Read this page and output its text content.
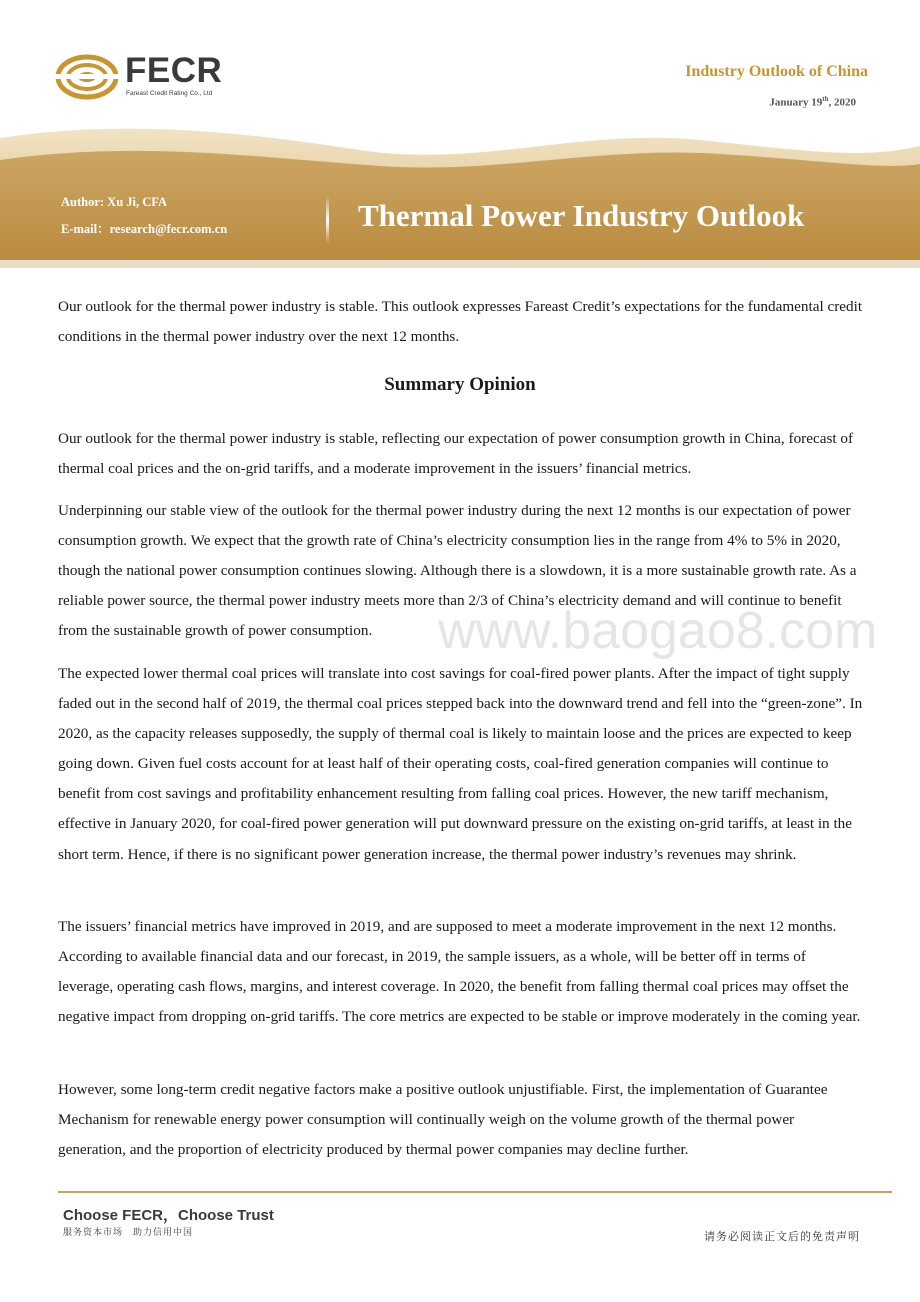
FECR
Fareast Credit Rating Co., Ltd
Industry Outlook of China
January 19th, 2020
Author: Xu Ji, CFA
E-mail：research@fecr.com.cn	Thermal Power Industry Outlook
Our outlook for the thermal power industry is stable. This outlook expresses Fareast Credit’s expectations for the fundamental credit conditions in the thermal power industry over the next 12 months.
Summary Opinion

Our outlook for the thermal power industry is stable, reflecting our expectation of power consumption growth in China, forecast of thermal coal prices and the on-grid tariffs, and a moderate improvement in the issuers’ financial metrics.

Underpinning our stable view of the outlook for the thermal power industry during the next 12 months is our expectation of power consumption growth. We expect that the growth rate of China’s electricity consumption lies in the range from 4% to 5% in 2020, though the national power consumption continues slowing. Although there is a slowdown, it is a more sustainable growth rate. As a reliable power source, the thermal power industry meets more than 2/3 of China’s electricity demand and will continue to benefit from the sustainable growth of power consumption.

The expected lower thermal coal prices will translate into cost savings for coal-fired power plants. After the impact of tight supply faded out in the second half of 2019, the thermal coal prices stepped back into the downward trend and fell into the “green-zone”. In 2020, as the capacity releases supposedly, the supply of thermal coal is likely to maintain loose and the prices are expected to keep going down. Given fuel costs account for at least half of their operating costs, coal-fired generation companies will continue to benefit from cost savings and profitability enhancement resulting from falling coal prices. However, the new tariff mechanism, effective in January 2020, for coal-fired power generation will put downward pressure on the existing on-grid tariffs, at least in the short term. Hence, if there is no significant power generation increase, the thermal power industry’s revenues may shrink.

The issuers’ financial metrics have improved in 2019, and are supposed to meet a moderate improvement in the next 12 months. According to available financial data and our forecast, in 2019, the sample issuers, as a whole, will be better off in terms of leverage, operating cash flows, margins, and interest coverage. In 2020, the benefit from falling thermal coal prices may offset the negative impact from dropping on-grid tariffs. The core metrics are expected to be stable or improve moderately in the coming year.

However, some long-term credit negative factors make a positive outlook unjustifiable. First, the implementation of Guarantee Mechanism for renewable energy power consumption will continually weigh on the volume growth of the thermal power generation, and the proportion of electricity produced by thermal power companies may decline further.

www.baogao8.com
Choose FECR，Choose Trust
服务资本市场　助力信用中国	请务必阅读正文后的免责声明
